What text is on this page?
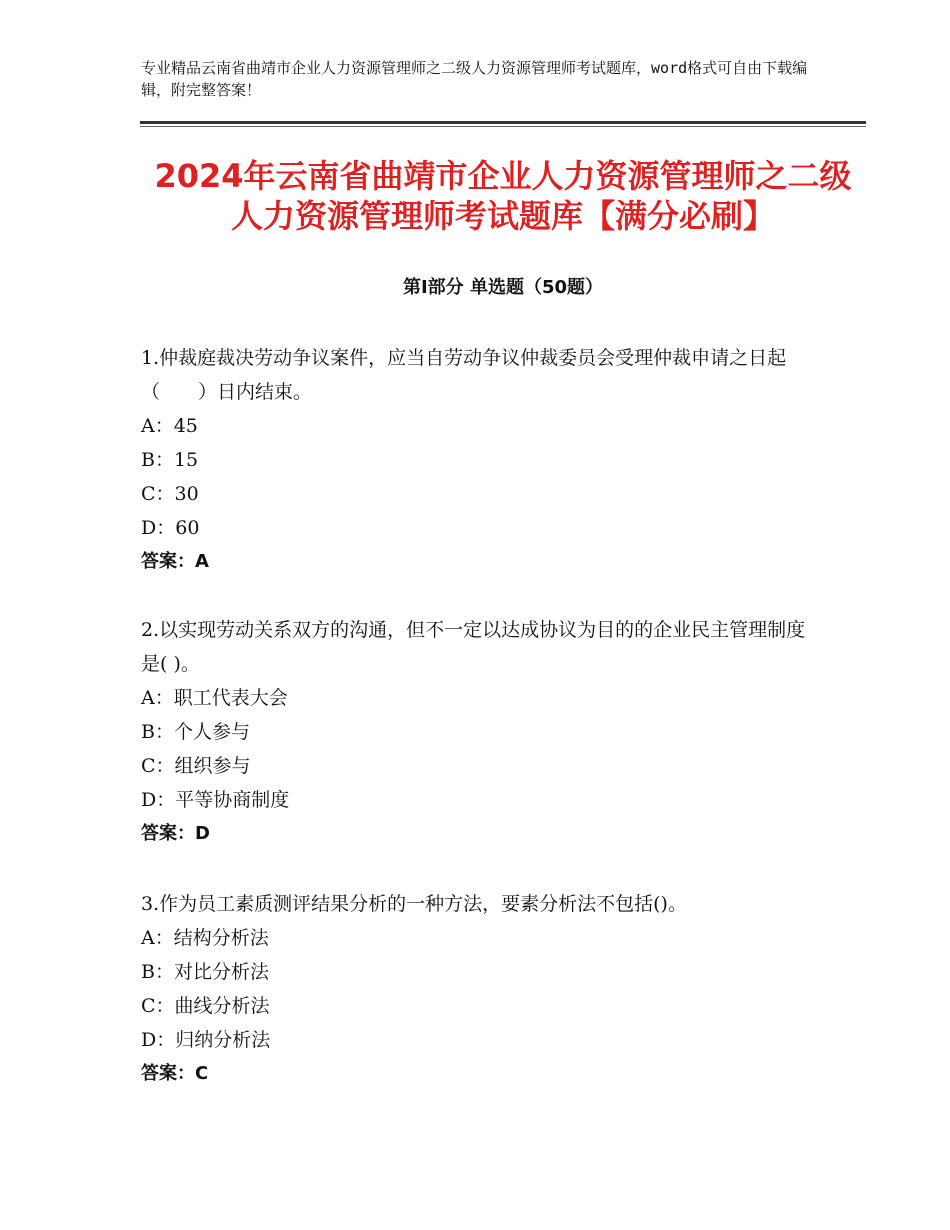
专业精品云南省曲靖市企业人力资源管理师之二级人力资源管理师考试题库，word格式可自由下载编辑，附完整答案！
2024年云南省曲靖市企业人力资源管理师之二级人力资源管理师考试题库【满分必刷】
第Ⅰ部分 单选题（50题）
1.仲裁庭裁决劳动争议案件，应当自劳动争议仲裁委员会受理仲裁申请之日起（　　）日内结束。
A：45
B：15
C：30
D：60
答案：A
2.以实现劳动关系双方的沟通，但不一定以达成协议为目的的企业民主管理制度是( )。
A：职工代表大会
B：个人参与
C：组织参与
D：平等协商制度
答案：D
3.作为员工素质测评结果分析的一种方法，要素分析法不包括()。
A：结构分析法
B：对比分析法
C：曲线分析法
D：归纳分析法
答案：C
